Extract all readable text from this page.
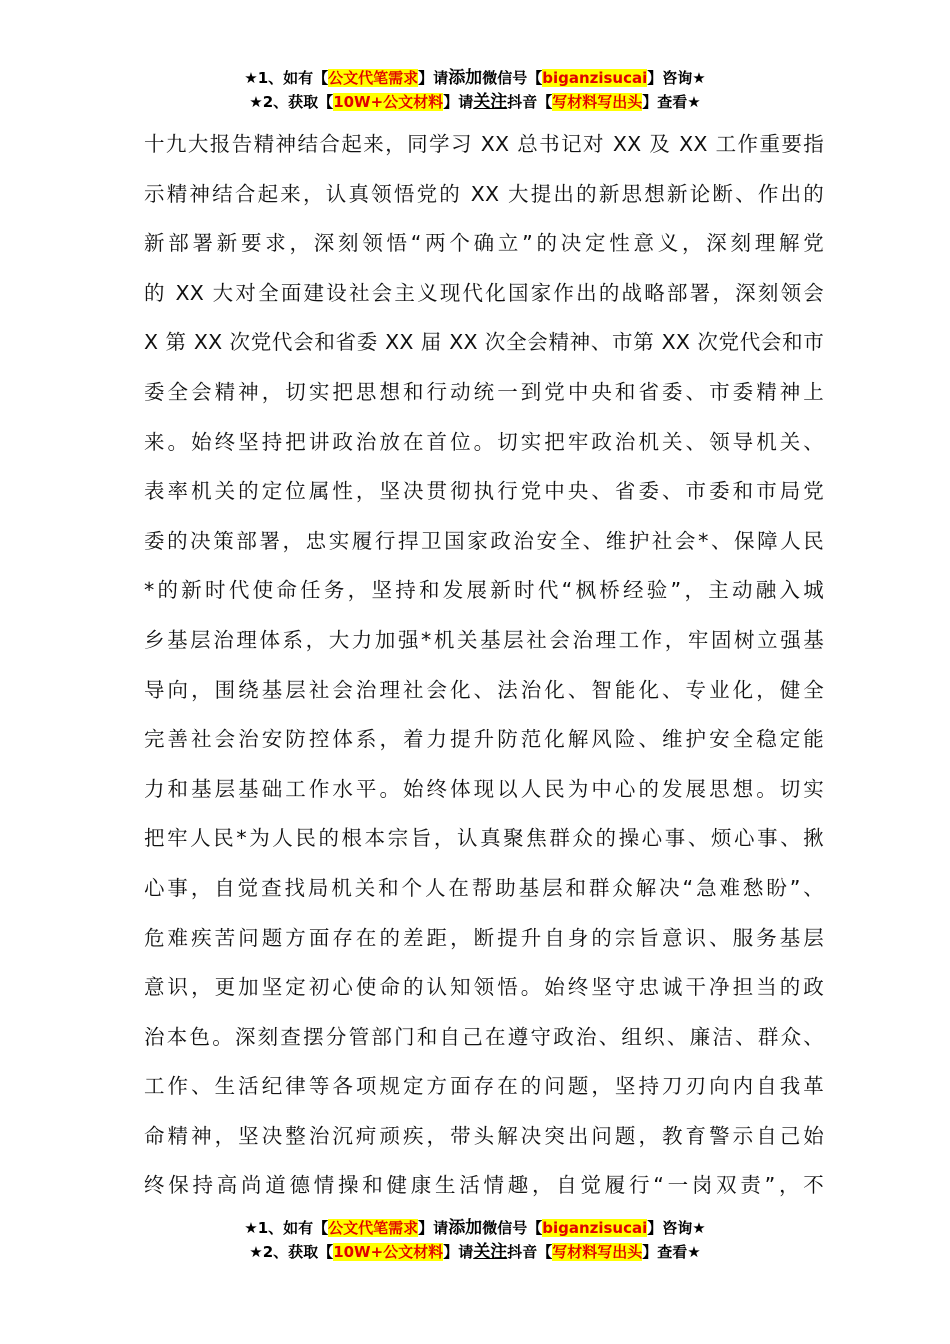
★1、如有【公文代笔需求】请添加微信号【biganzisucai】咨询★
★2、获取【10W+公文材料】请关注抖音【写材料写出头】查看★
十九大报告精神结合起来，同学习 XX 总书记对 XX 及 XX 工作重要指
示精神结合起来，认真领悟党的 XX 大提出的新思想新论断、作出的
新部署新要求，深刻领悟“两个确立”的决定性意义，深刻理解党
的 XX 大对全面建设社会主义现代化国家作出的战略部署，深刻领会
X 第 XX 次党代会和省委 XX 届 XX 次全会精神、市第 XX 次党代会和市
委全会精神，切实把思想和行动统一到党中央和省委、市委精神上
来。始终坚持把讲政治放在首位。切实把牢政治机关、领导机关、
表率机关的定位属性，坚决贯彻执行党中央、省委、市委和市局党
委的决策部署，忠实履行捍卫国家政治安全、维护社会*、保障人民
*的新时代使命任务，坚持和发展新时代“枫桥经验”，主动融入城
乡基层治理体系，大力加强*机关基层社会治理工作，牢固树立强基
导向，围绕基层社会治理社会化、法治化、智能化、专业化，健全
完善社会治安防控体系，着力提升防范化解风险、维护安全稳定能
力和基层基础工作水平。始终体现以人民为中心的发展思想。切实
把牢人民*为人民的根本宗旨，认真聚焦群众的操心事、烦心事、揪
心事，自觉查找局机关和个人在帮助基层和群众解决“急难愁盼”、
危难疾苦问题方面存在的差距，断提升自身的宗旨意识、服务基层
意识，更加坚定初心使命的认知领悟。始终坚守忠诚干净担当的政
治本色。深刻查摆分管部门和自己在遵守政治、组织、廉洁、群众、
工作、生活纪律等各项规定方面存在的问题，坚持刀刃向内自我革
命精神，坚决整治沉疴顽疾，带头解决突出问题，教育警示自己始
终保持高尚道德情操和健康生活情趣，自觉履行“一岗双责”，不
★1、如有【公文代笔需求】请添加微信号【biganzisucai】咨询★
★2、获取【10W+公文材料】请关注抖音【写材料写出头】查看★
